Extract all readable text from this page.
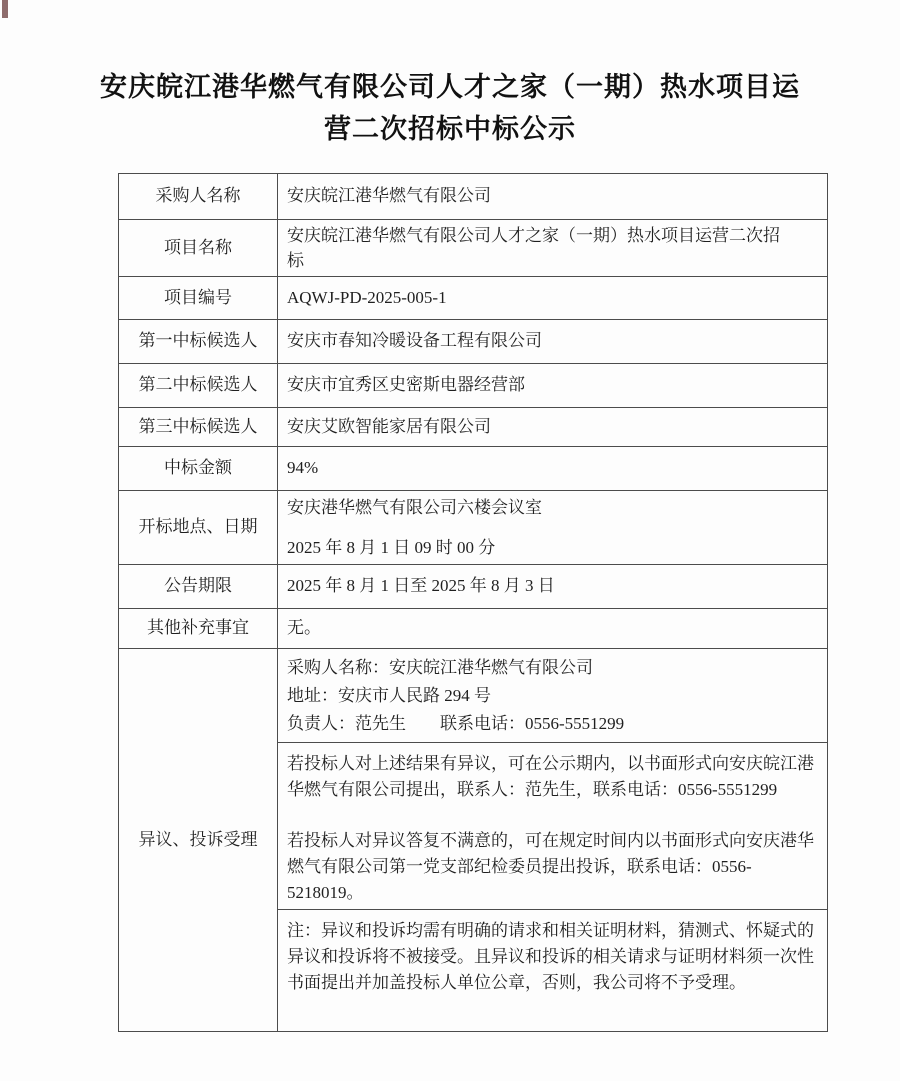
安庆皖江港华燃气有限公司人才之家（一期）热水项目运
营二次招标中标公示
采购人名称	安庆皖江港华燃气有限公司
项目名称	安庆皖江港华燃气有限公司人才之家（一期）热水项目运营二次招
标

项目编号	AQWJ-PD-2025-005-1
第一中标候选人	安庆市春知冷暖设备工程有限公司
第二中标候选人	安庆市宜秀区史密斯电器经营部
第三中标候选人	安庆艾欧智能家居有限公司
中标金额	94%
开标地点、日期	安庆港华燃气有限公司六楼会议室
2025 年 8 月 1 日 09 时 00 分

公告期限	2025 年 8 月 1 日至 2025 年 8 月 3 日
其他补充事宜	无。
异议、投诉受理	采购人名称：安庆皖江港华燃气有限公司
地址：安庆市人民路 294 号
负责人：范先生　　联系电话：0556-5551299

	若投标人对上述结果有异议，可在公示期内，以书面形式向安庆皖江港华燃气有限公司提出，联系人：范先生，联系电话：0556-5551299

若投标人对异议答复不满意的，可在规定时间内以书面形式向安庆港华燃气有限公司第一党支部纪检委员提出投诉，联系电话：0556-5218019。

	注：异议和投诉均需有明确的请求和相关证明材料，猜测式、怀疑式的异议和投诉将不被接受。且异议和投诉的相关请求与证明材料须一次性书面提出并加盖投标人单位公章，否则，我公司将不予受理。
